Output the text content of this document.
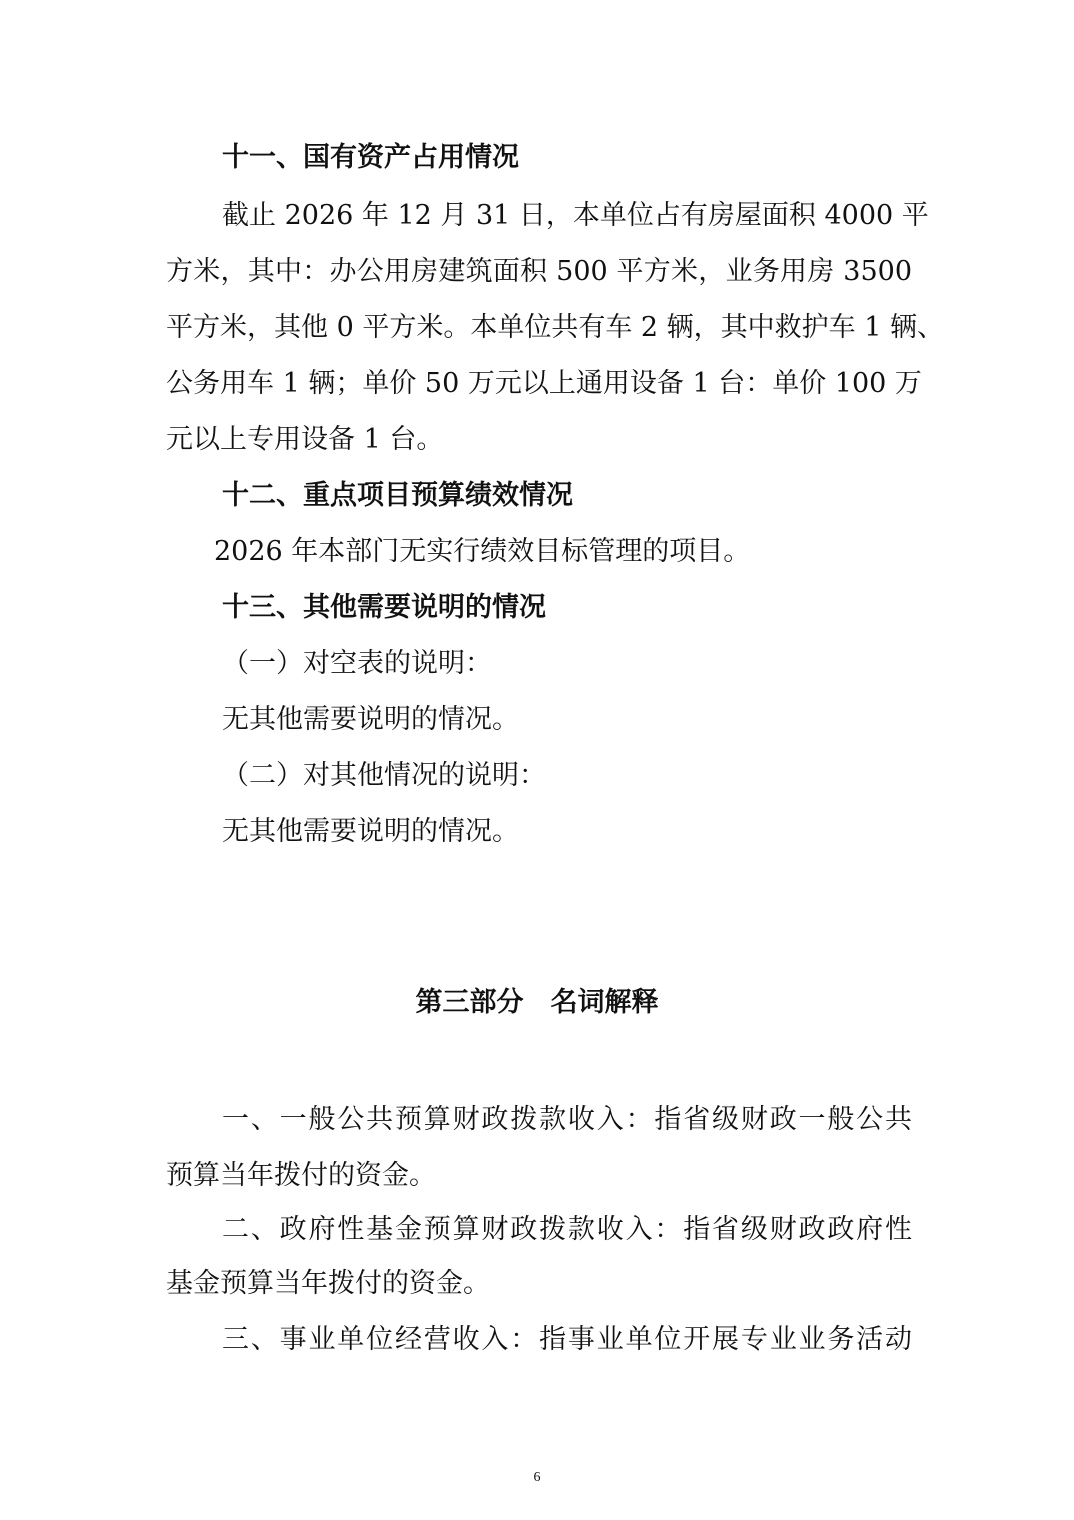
十一、国有资产占用情况
截止 2026 年 12 月 31 日，本单位占有房屋面积 4000 平
方米，其中：办公用房建筑面积 500 平方米，业务用房 3500
平方米，其他 0 平方米。本单位共有车 2 辆，其中救护车 1 辆、
公务用车 1 辆；单价 50 万元以上通用设备 1 台：单价 100 万
元以上专用设备 1 台。
十二、重点项目预算绩效情况
2026 年本部门无实行绩效目标管理的项目。
十三、其他需要说明的情况
（一）对空表的说明：
无其他需要说明的情况。
（二）对其他情况的说明：
无其他需要说明的情况。
第三部分　名词解释
一、一般公共预算财政拨款收入：指省级财政一般公共
预算当年拨付的资金。
二、政府性基金预算财政拨款收入：指省级财政政府性
基金预算当年拨付的资金。
三、事业单位经营收入：指事业单位开展专业业务活动
6
